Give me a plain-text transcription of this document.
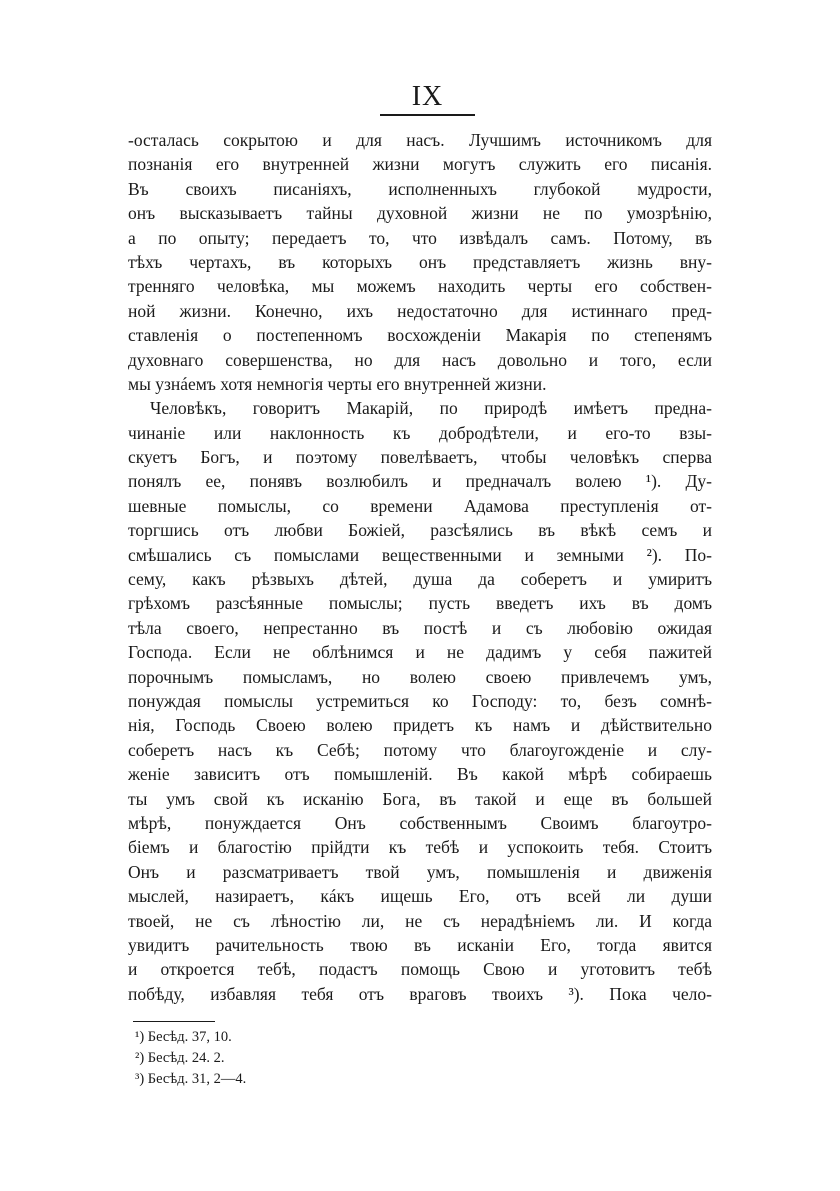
IX
-осталась сокрытою и для насъ. Лучшимъ источникомъ для
познанія его внутренней жизни могутъ служить его писанія.
Въ своихъ писаніяхъ, исполненныхъ глубокой мудрости,
онъ высказываетъ тайны духовной жизни не по умозрѣнію,
а по опыту; передаетъ то, что извѣдалъ самъ. Потому, въ
тѣхъ чертахъ, въ которыхъ онъ представляетъ жизнь вну-
тренняго человѣка, мы можемъ находить черты его собствен-
ной жизни. Конечно, ихъ недостаточно для истиннаго пред-
ставленія о постепенномъ восхожденіи Макарія по степенямъ
духовнаго совершенства, но для насъ довольно и того, если
мы узнáемъ хотя немногія черты его внутренней жизни.
Человѣкъ, говоритъ Макарій, по природѣ имѣетъ предна-
чинаніе или наклонность къ добродѣтели, и его-то взы-
скуетъ Богъ, и поэтому повелѣваетъ, чтобы человѣкъ сперва
понялъ ее, понявъ возлюбилъ и предначалъ волею ¹). Ду-
шевные помыслы, со времени Адамова преступленія от-
торгшись отъ любви Божіей, разсѣялись въ вѣкѣ семъ и
смѣшались съ помыслами вещественными и земными ²). По-
сему, какъ рѣзвыхъ дѣтей, душа да соберетъ и умиритъ
грѣхомъ разсѣянные помыслы; пусть введетъ ихъ въ домъ
тѣла своего, непрестанно въ постѣ и съ любовію ожидая
Господа. Если не облѣнимся и не дадимъ у себя пажитей
порочнымъ помысламъ, но волею своею привлечемъ умъ,
понуждая помыслы устремиться ко Господу: то, безъ сомнѣ-
нія, Господь Своею волею придетъ къ намъ и дѣйствительно
соберетъ насъ къ Себѣ; потому что благоугожденіе и слу-
женіе зависитъ отъ помышленій. Въ какой мѣрѣ собираешь
ты умъ свой къ исканію Бога, въ такой и еще въ большей
мѣрѣ, понуждается Онъ собственнымъ Своимъ благоутро-
біемъ и благостію прійдти къ тебѣ и успокоить тебя. Стоитъ
Онъ и разсматриваетъ твой умъ, помышленія и движенія
мыслей, назираетъ, кáкъ ищешь Его, отъ всей ли души
твоей, не съ лѣностію ли, не съ нерадѣніемъ ли. И когда
увидитъ рачительность твою въ исканіи Его, тогда явится
и откроется тебѣ, подастъ помощь Свою и уготовитъ тебѣ
побѣду, избавляя тебя отъ враговъ твоихъ ³). Пока чело-
¹) Бесѣд. 37, 10.
²) Бесѣд. 24. 2.
³) Бесѣд. 31, 2—4.
